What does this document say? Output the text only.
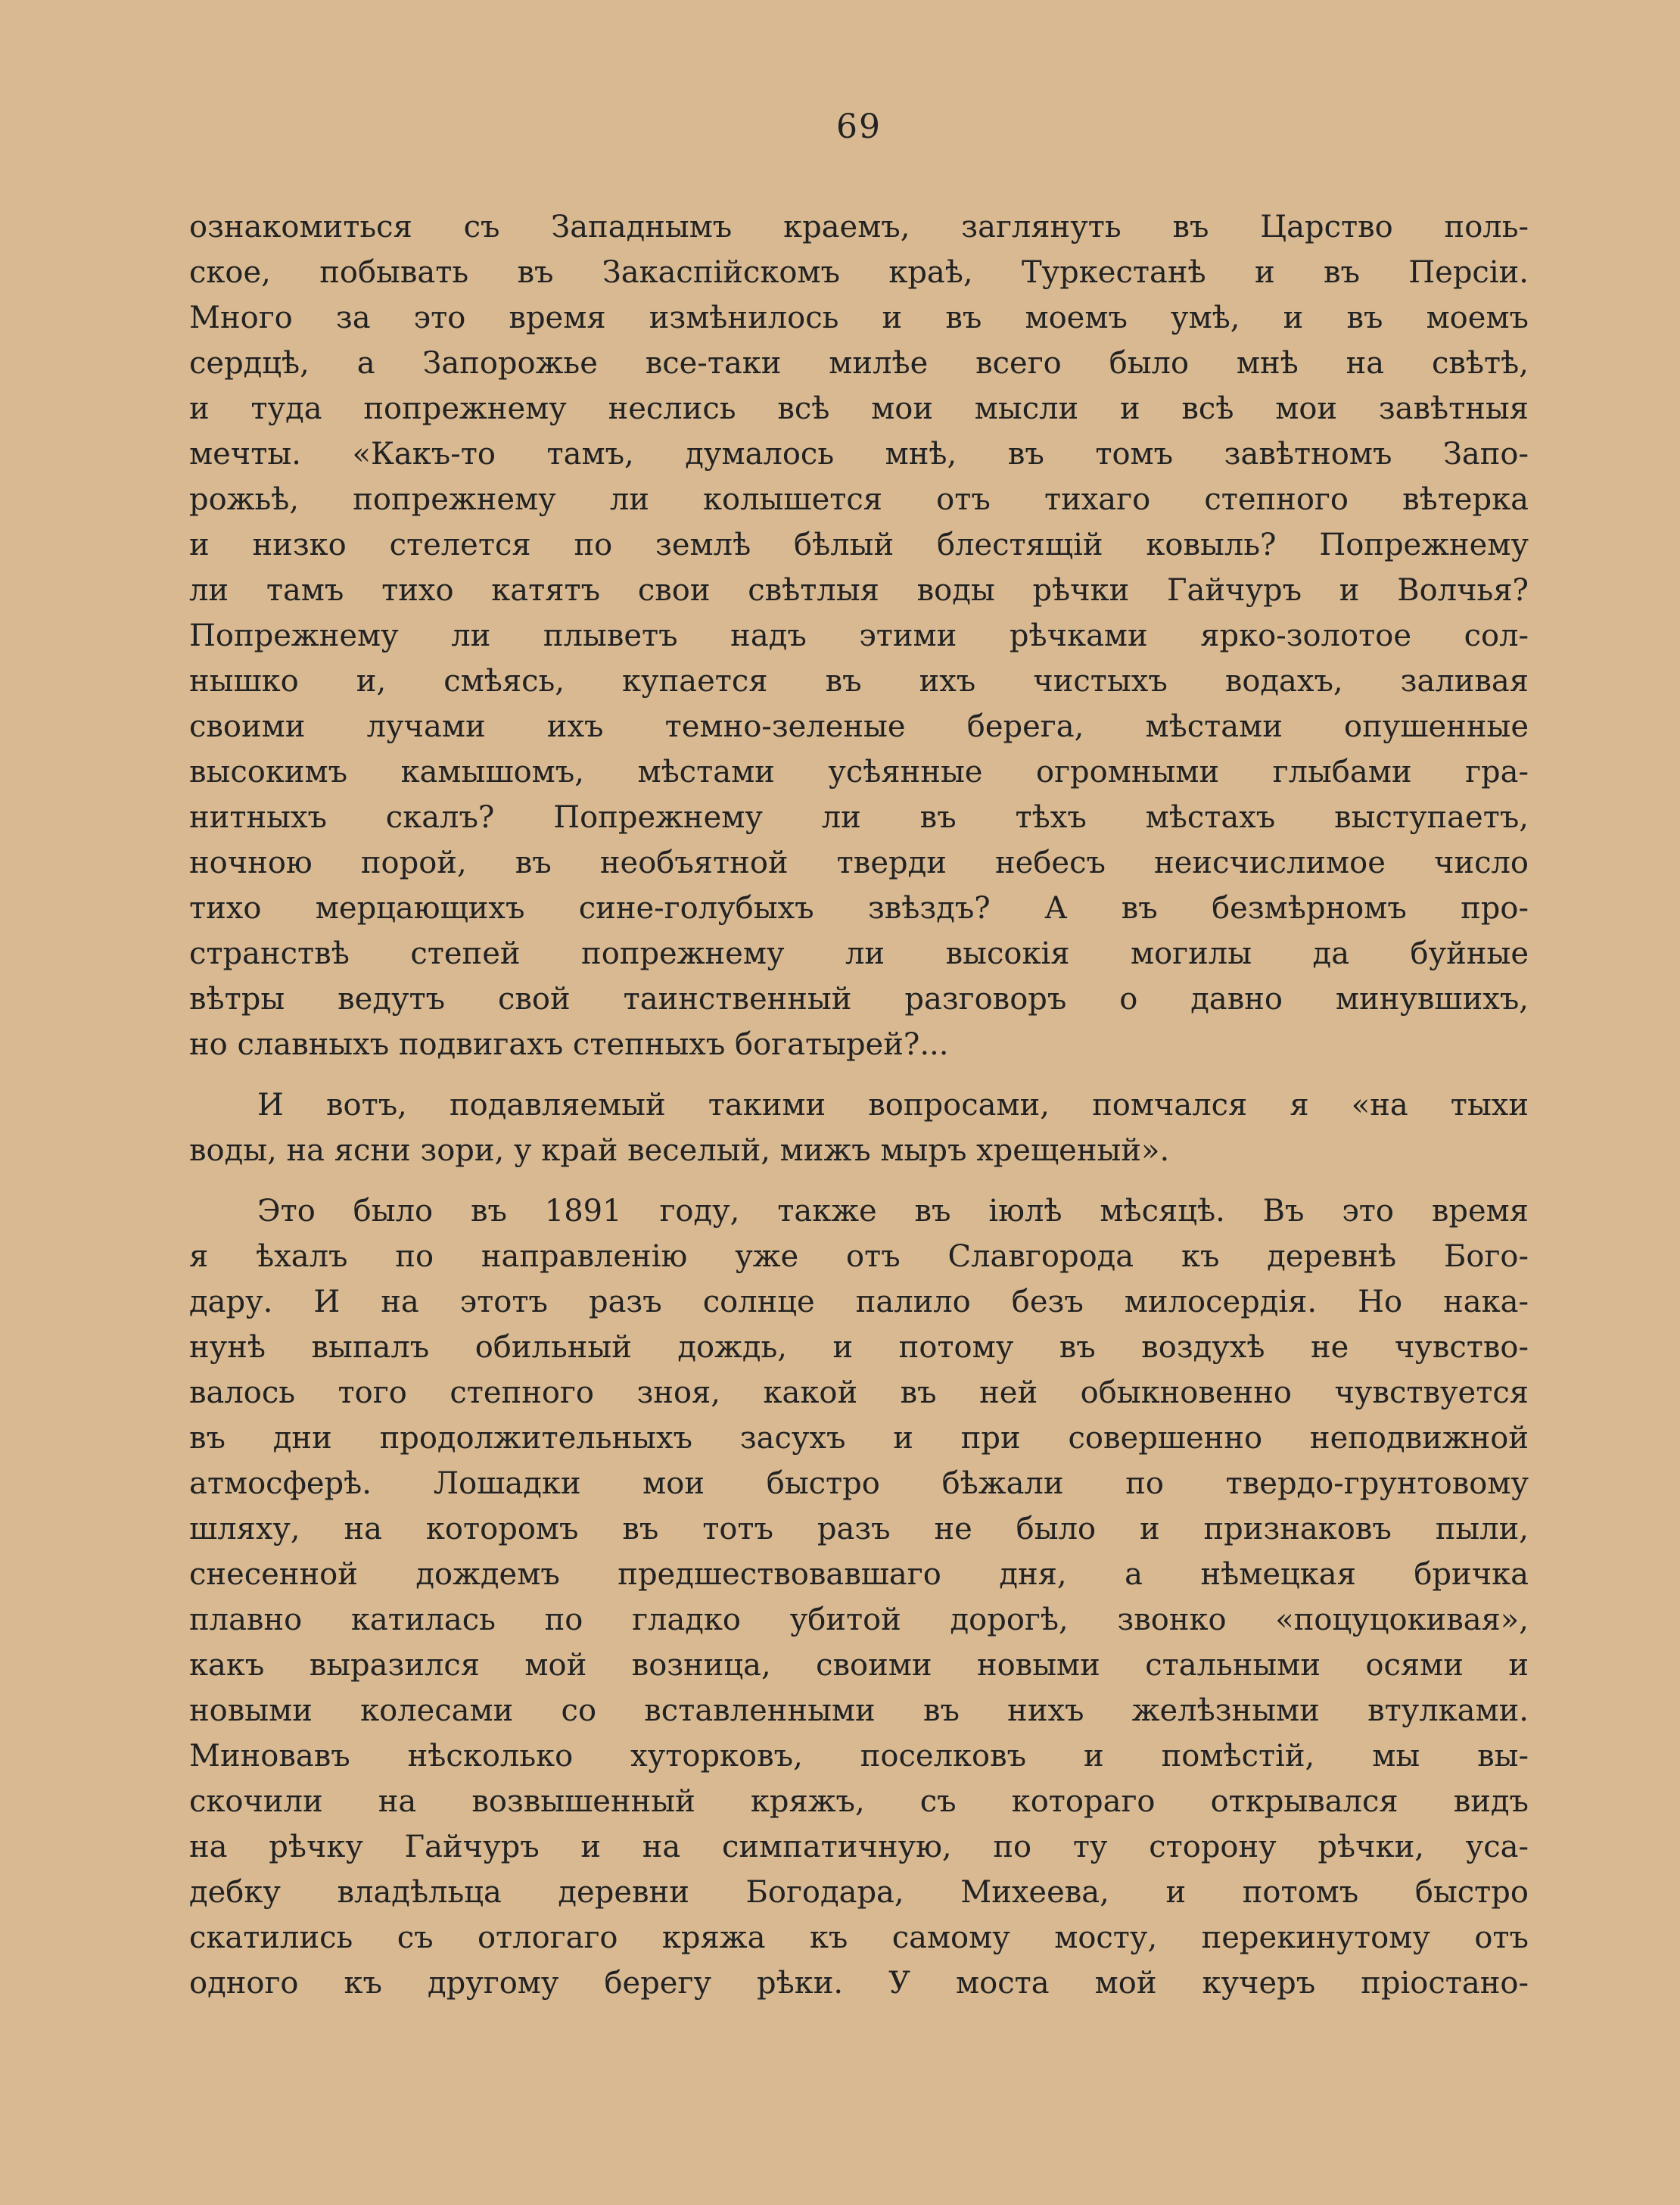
69
ознакомиться съ Западнымъ краемъ, заглянуть въ Царство поль-
ское, побывать въ Закаспійскомъ краѣ, Туркестанѣ и въ Персіи.
Много за это время измѣнилось и въ моемъ умѣ, и въ моемъ
сердцѣ, а Запорожье все-таки милѣе всего было мнѣ на свѣтѣ,
и туда попрежнему неслись всѣ мои мысли и всѣ мои завѣтныя
мечты. «Какъ-то тамъ, думалось мнѣ, въ томъ завѣтномъ Запо-
рожьѣ, попрежнему ли колышется отъ тихаго степного вѣтерка
и низко стелется по землѣ бѣлый блестящій ковыль? Попрежнему
ли тамъ тихо катятъ свои свѣтлыя воды рѣчки Гайчуръ и Волчья?
Попрежнему ли плыветъ надъ этими рѣчками ярко-золотое сол-
нышко и, смѣясь, купается въ ихъ чистыхъ водахъ, заливая
своими лучами ихъ темно-зеленые берега, мѣстами опушенные
высокимъ камышомъ, мѣстами усѣянные огромными глыбами гра-
нитныхъ скалъ? Попрежнему ли въ тѣхъ мѣстахъ выступаетъ,
ночною порой, въ необъятной тверди небесъ неисчислимое число
тихо мерцающихъ сине-голубыхъ звѣздъ? А въ безмѣрномъ про-
странствѣ степей попрежнему ли высокія могилы да буйные
вѣтры ведутъ свой таинственный разговоръ о давно минувшихъ,
но славныхъ подвигахъ степныхъ богатырей?...
И вотъ, подавляемый такими вопросами, помчался я «на тыхи
воды, на ясни зори, у край веселый, мижъ мыръ хрещеный».
Это было въ 1891 году, также въ іюлѣ мѣсяцѣ. Въ это время
я ѣхалъ по направленію уже отъ Славгорода къ деревнѣ Бого-
дару. И на этотъ разъ солнце палило безъ милосердія. Но нака-
нунѣ выпалъ обильный дождь, и потому въ воздухѣ не чувство-
валось того степного зноя, какой въ ней обыкновенно чувствуется
въ дни продолжительныхъ засухъ и при совершенно неподвижной
атмосферѣ. Лошадки мои быстро бѣжали по твердо-грунтовому
шляху, на которомъ въ тотъ разъ не было и признаковъ пыли,
снесенной дождемъ предшествовавшаго дня, а нѣмецкая бричка
плавно катилась по гладко убитой дорогѣ, звонко «поцуцокивая»,
какъ выразился мой возница, своими новыми стальными осями и
новыми колесами со вставленными въ нихъ желѣзными втулками.
Миновавъ нѣсколько хуторковъ, поселковъ и помѣстій, мы вы-
скочили на возвышенный кряжъ, съ котораго открывался видъ
на рѣчку Гайчуръ и на симпатичную, по ту сторону рѣчки, уса-
дебку владѣльца деревни Богодара, Михеева, и потомъ быстро
скатились съ отлогаго кряжа къ самому мосту, перекинутому отъ
одного къ другому берегу рѣки. У моста мой кучеръ пріостано-
